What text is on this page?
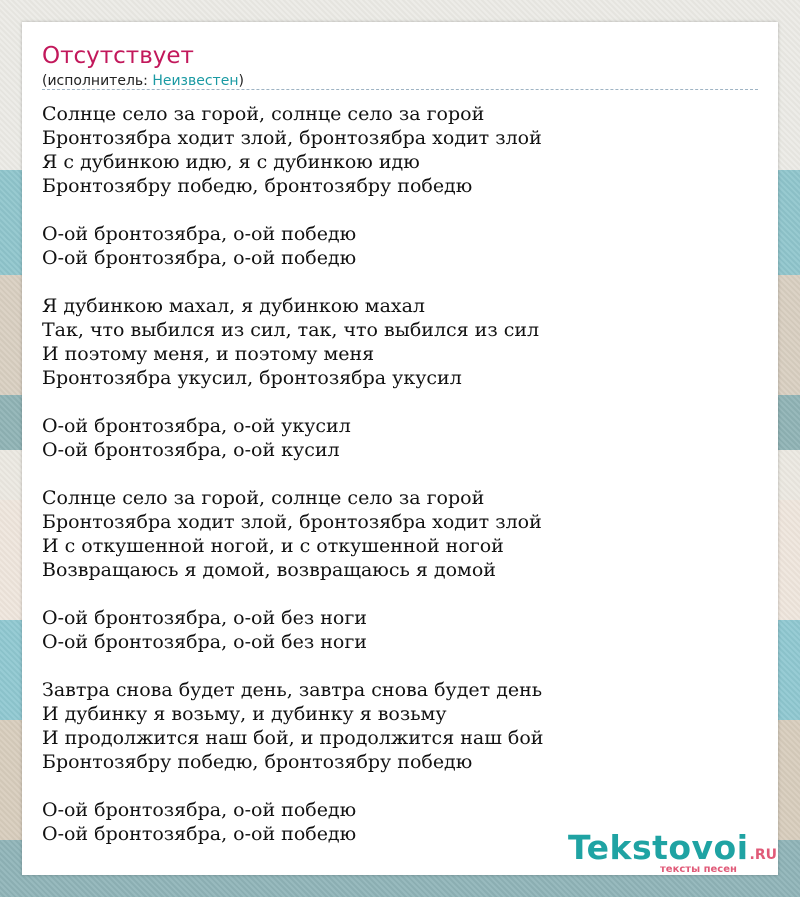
Отсутствует
(исполнитель: Неизвестен)
Солнце село за горой, солнце село за горой
Бронтозябра ходит злой, бронтозябра ходит злой
Я с дубинкою идю, я с дубинкою идю
Бронтозябру победю, бронтозябру победю
О-ой бронтозябра, о-ой победю
О-ой бронтозябра, о-ой победю
Я дубинкою махал, я дубинкою махал
Так, что выбился из сил, так, что выбился из сил
И поэтому меня, и поэтому меня
Бронтозябра укусил, бронтозябра укусил
О-ой бронтозябра, о-ой укусил
О-ой бронтозябра, о-ой кусил
Солнце село за горой, солнце село за горой
Бронтозябра ходит злой, бронтозябра ходит злой
И с откушенной ногой, и с откушенной ногой
Возвращаюсь я домой, возвращаюсь я домой
О-ой бронтозябра, о-ой без ноги
О-ой бронтозябра, о-ой без ноги
Завтра снова будет день, завтра снова будет день
И дубинку я возьму, и дубинку я возьму
И продолжится наш бой, и продолжится наш бой
Бронтозябру победю, бронтозябру победю
О-ой бронтозябра, о-ой победю
О-ой бронтозябра, о-ой победю	Tekstovoi.RU
тексты песен
